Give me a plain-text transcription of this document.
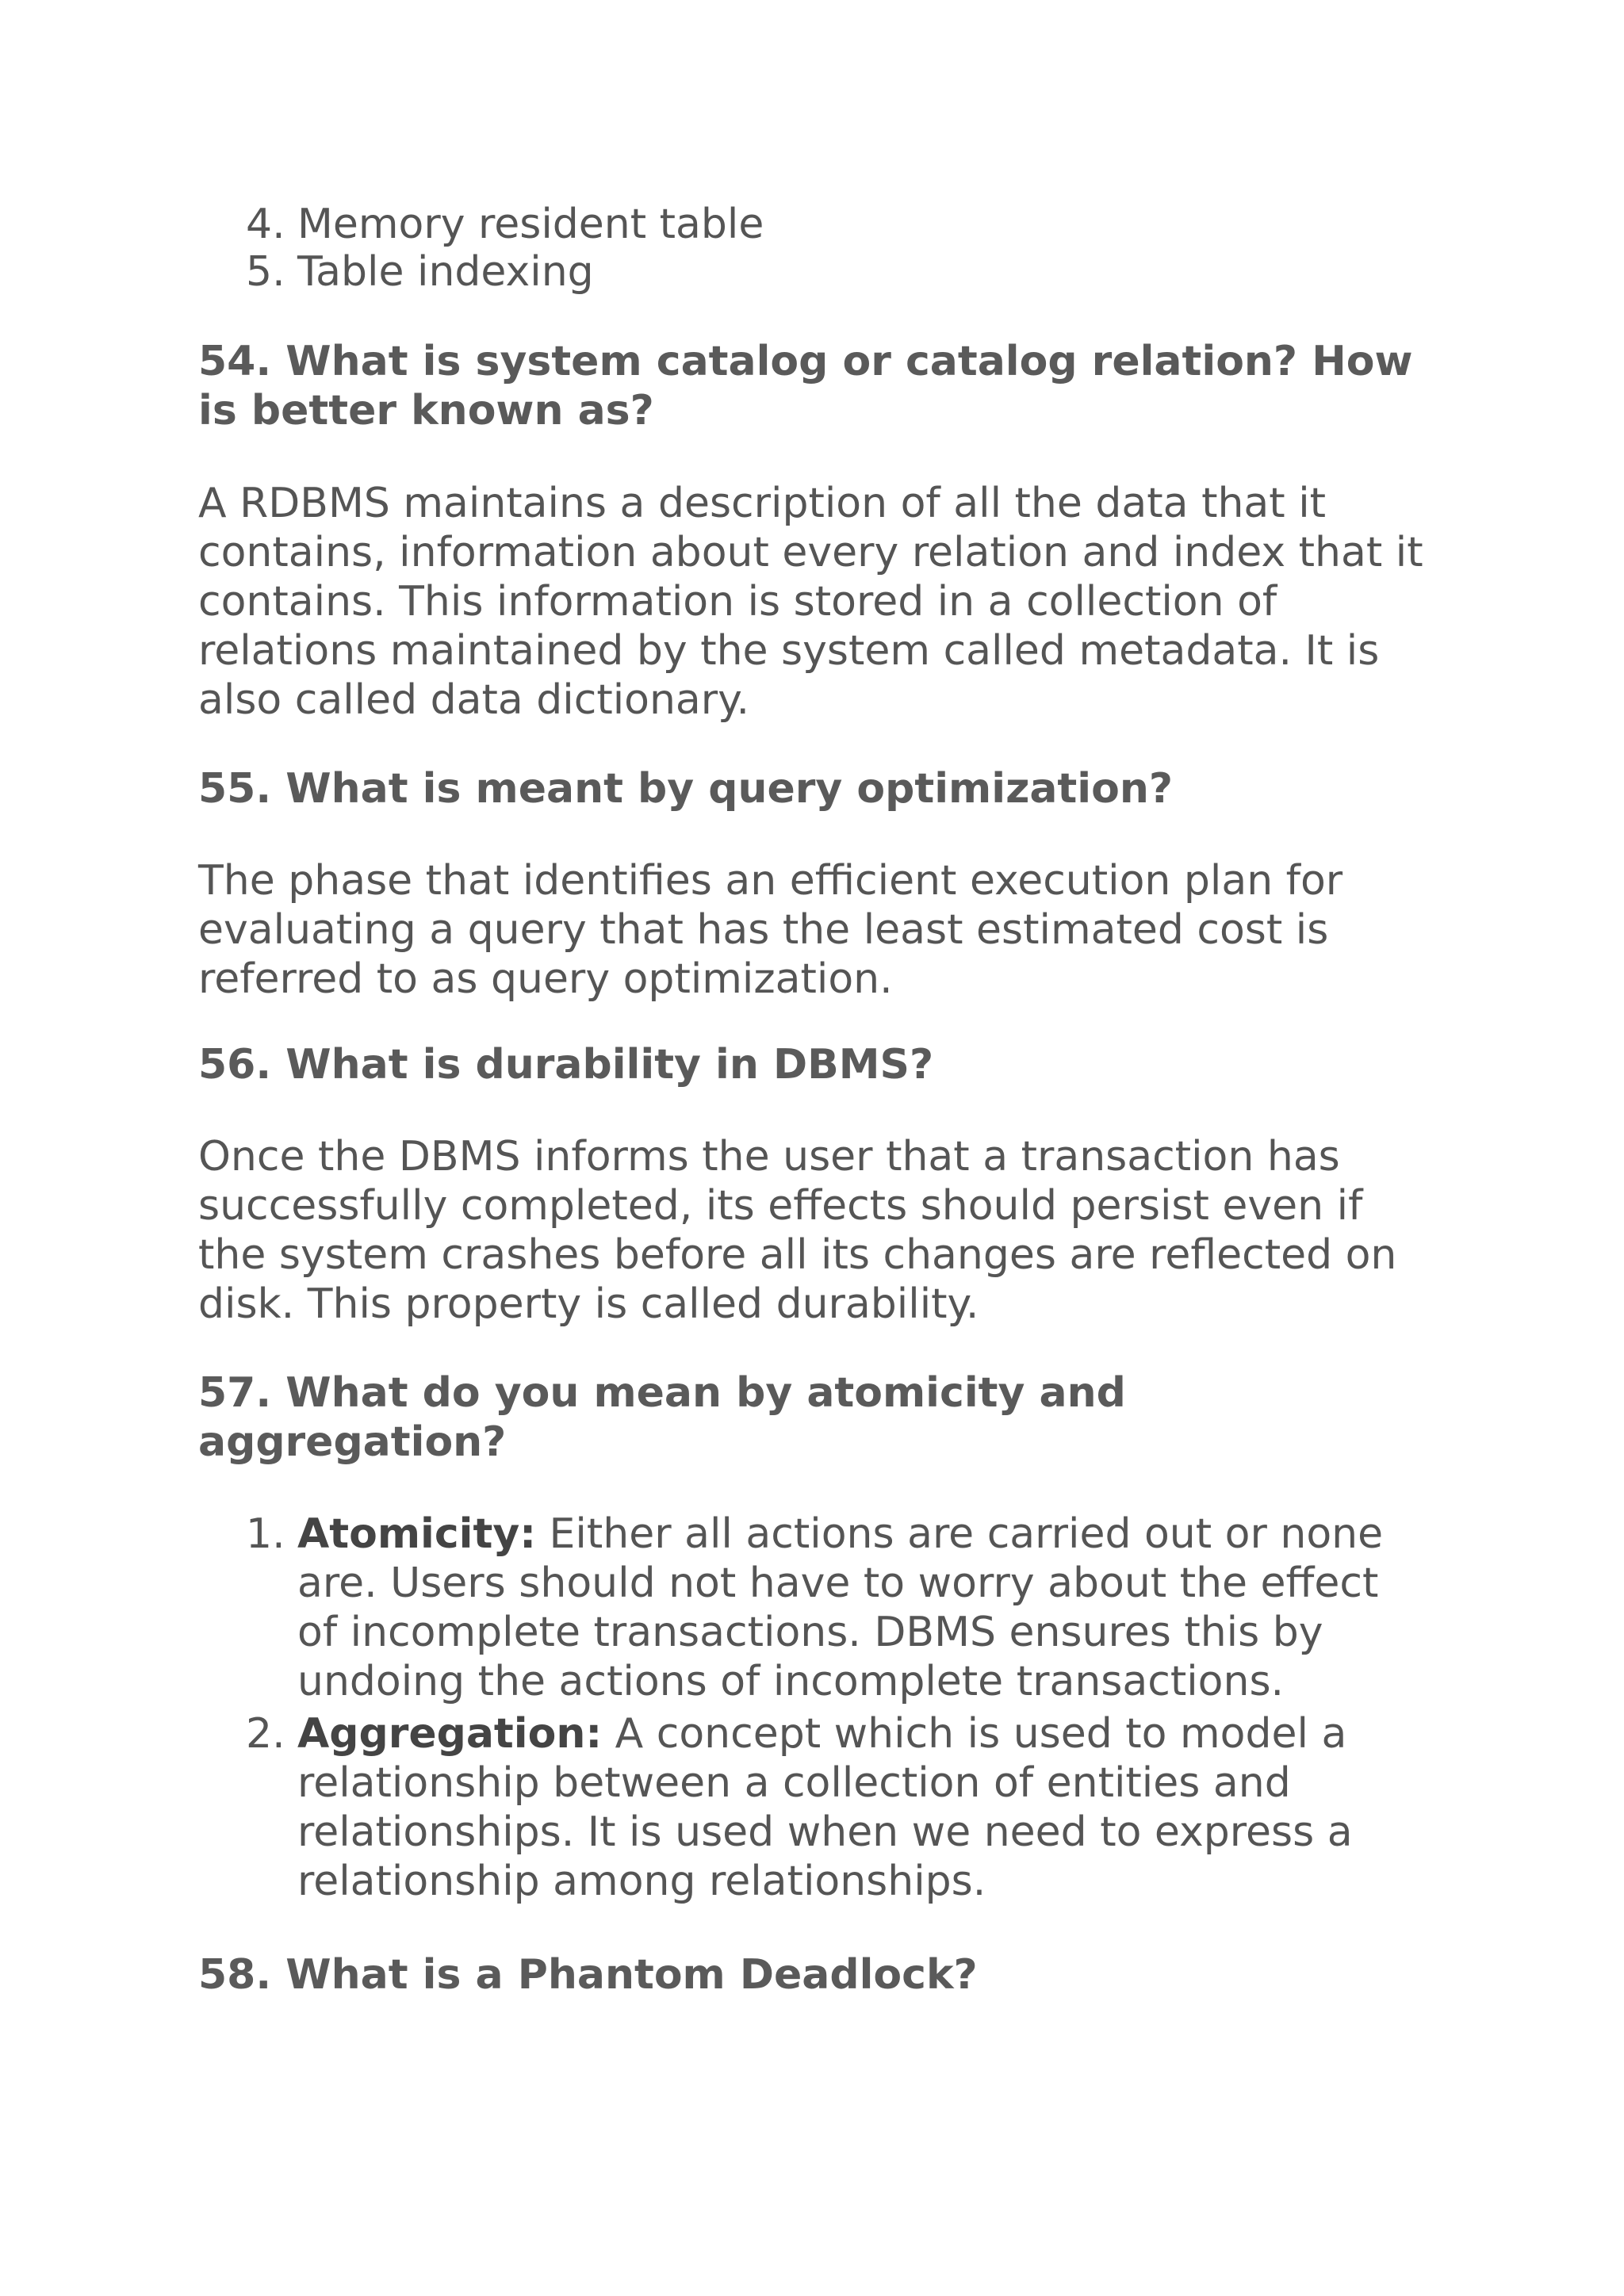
4. Memory resident table
5. Table indexing

54. What is system catalog or catalog relation? How
is better known as?

A RDBMS maintains a description of all the data that it
contains, information about every relation and index that it
contains. This information is stored in a collection of
relations maintained by the system called metadata. It is
also called data dictionary.

55. What is meant by query optimization?

The phase that identifies an efficient execution plan for
evaluating a query that has the least estimated cost is
referred to as query optimization.

56. What is durability in DBMS?

Once the DBMS informs the user that a transaction has
successfully completed, its effects should persist even if
the system crashes before all its changes are reflected on
disk. This property is called durability.

57. What do you mean by atomicity and
aggregation?

1. Atomicity: Either all actions are carried out or none
are. Users should not have to worry about the effect
of incomplete transactions. DBMS ensures this by
undoing the actions of incomplete transactions.
2. Aggregation: A concept which is used to model a
relationship between a collection of entities and
relationships. It is used when we need to express a
relationship among relationships.

58. What is a Phantom Deadlock?
